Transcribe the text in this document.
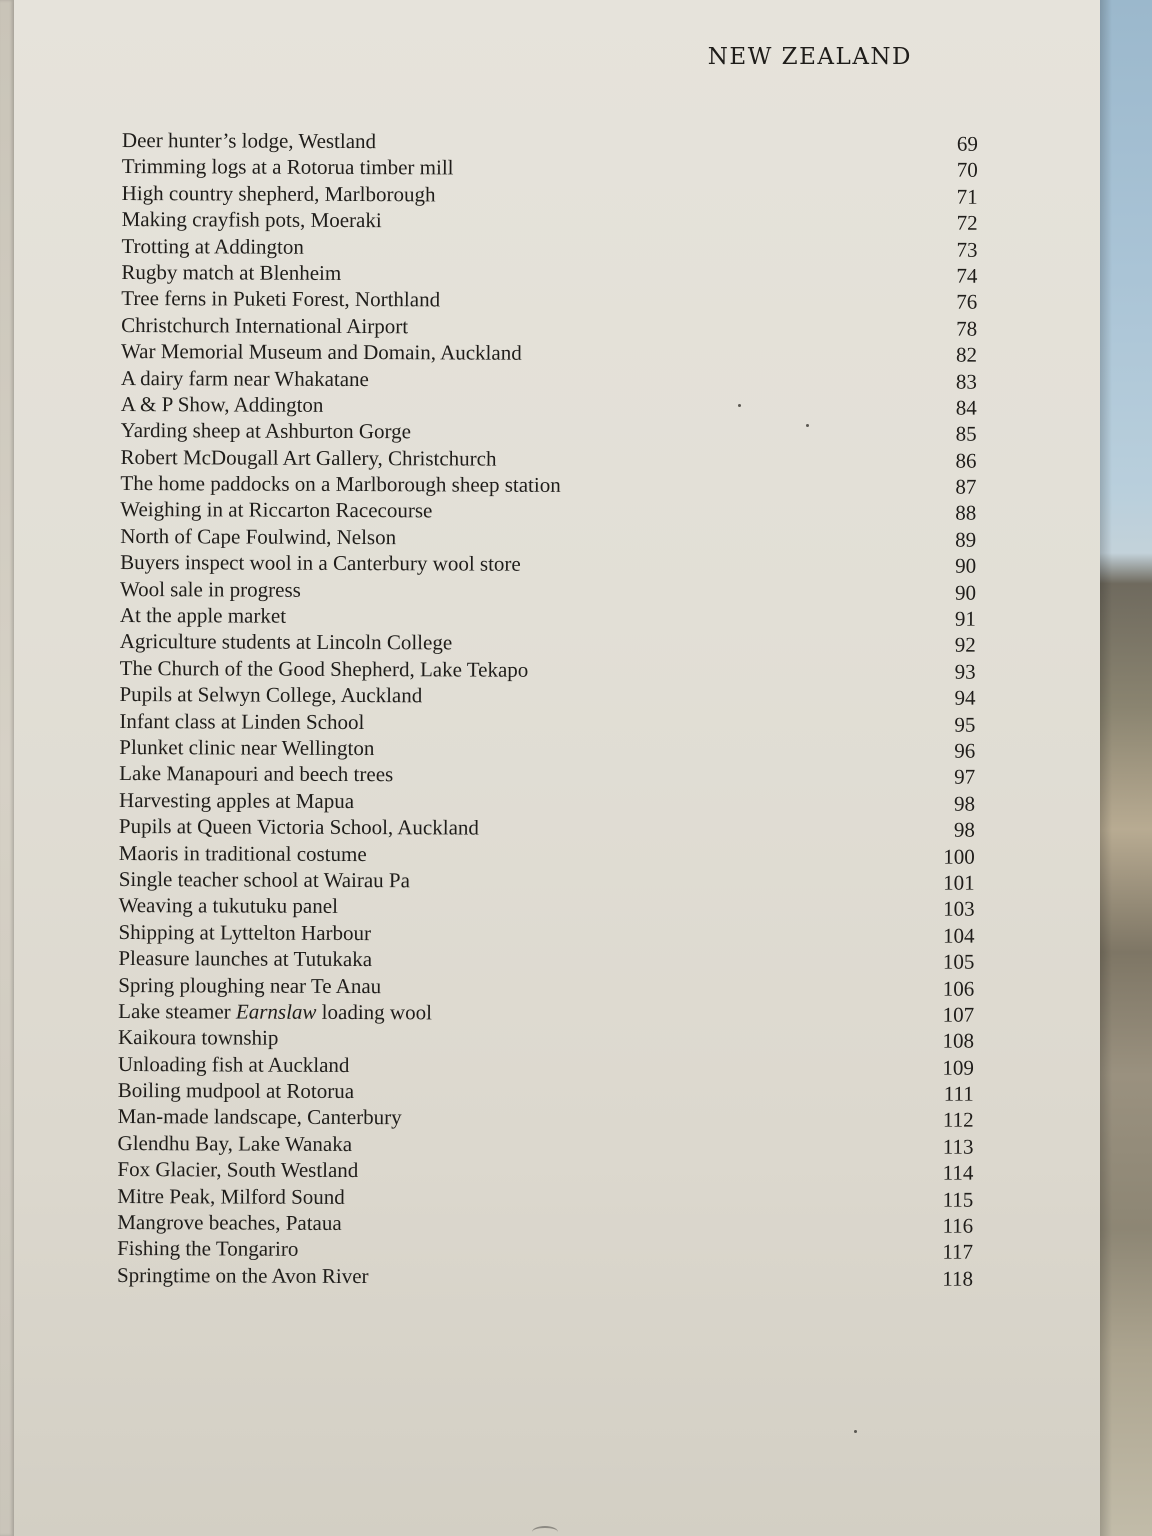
NEW ZEALAND
Deer hunter’s lodge, Westland	69
Trimming logs at a Rotorua timber mill	70
High country shepherd, Marlborough	71
Making crayfish pots, Moeraki	72
Trotting at Addington	73
Rugby match at Blenheim	74
Tree ferns in Puketi Forest, Northland	76
Christchurch International Airport	78
War Memorial Museum and Domain, Auckland	82
A dairy farm near Whakatane	83
A & P Show, Addington	84
Yarding sheep at Ashburton Gorge	85
Robert McDougall Art Gallery, Christchurch	86
The home paddocks on a Marlborough sheep station	87
Weighing in at Riccarton Racecourse	88
North of Cape Foulwind, Nelson	89
Buyers inspect wool in a Canterbury wool store	90
Wool sale in progress	90
At the apple market	91
Agriculture students at Lincoln College	92
The Church of the Good Shepherd, Lake Tekapo	93
Pupils at Selwyn College, Auckland	94
Infant class at Linden School	95
Plunket clinic near Wellington	96
Lake Manapouri and beech trees	97
Harvesting apples at Mapua	98
Pupils at Queen Victoria School, Auckland	98
Maoris in traditional costume	100
Single teacher school at Wairau Pa	101
Weaving a tukutuku panel	103
Shipping at Lyttelton Harbour	104
Pleasure launches at Tutukaka	105
Spring ploughing near Te Anau	106
Lake steamer Earnslaw loading wool	107
Kaikoura township	108
Unloading fish at Auckland	109
Boiling mudpool at Rotorua	111
Man-made landscape, Canterbury	112
Glendhu Bay, Lake Wanaka	113
Fox Glacier, South Westland	114
Mitre Peak, Milford Sound	115
Mangrove beaches, Pataua	116
Fishing the Tongariro	117
Springtime on the Avon River	118
